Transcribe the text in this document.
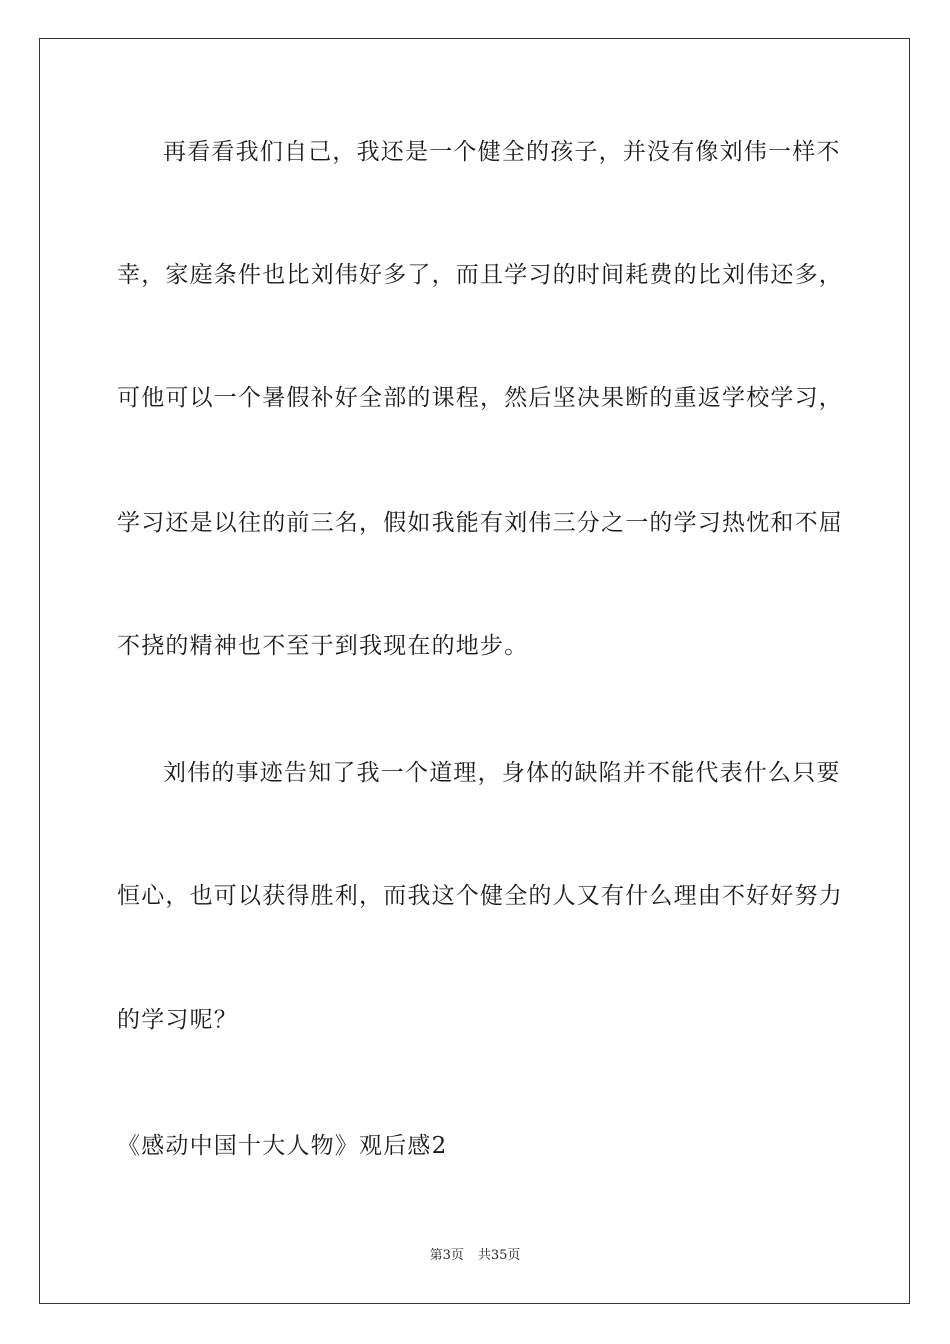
再看看我们自己，我还是一个健全的孩子，并没有像刘伟一样不
幸，家庭条件也比刘伟好多了，而且学习的时间耗费的比刘伟还多，
可他可以一个暑假补好全部的课程，然后坚决果断的重返学校学习，
学习还是以往的前三名，假如我能有刘伟三分之一的学习热忱和不屈
不挠的精神也不至于到我现在的地步。
刘伟的事迹告知了我一个道理，身体的缺陷并不能代表什么只要
恒心，也可以获得胜利，而我这个健全的人又有什么理由不好好努力
的学习呢？
《感动中国十大人物》观后感2
第3页 共35页
